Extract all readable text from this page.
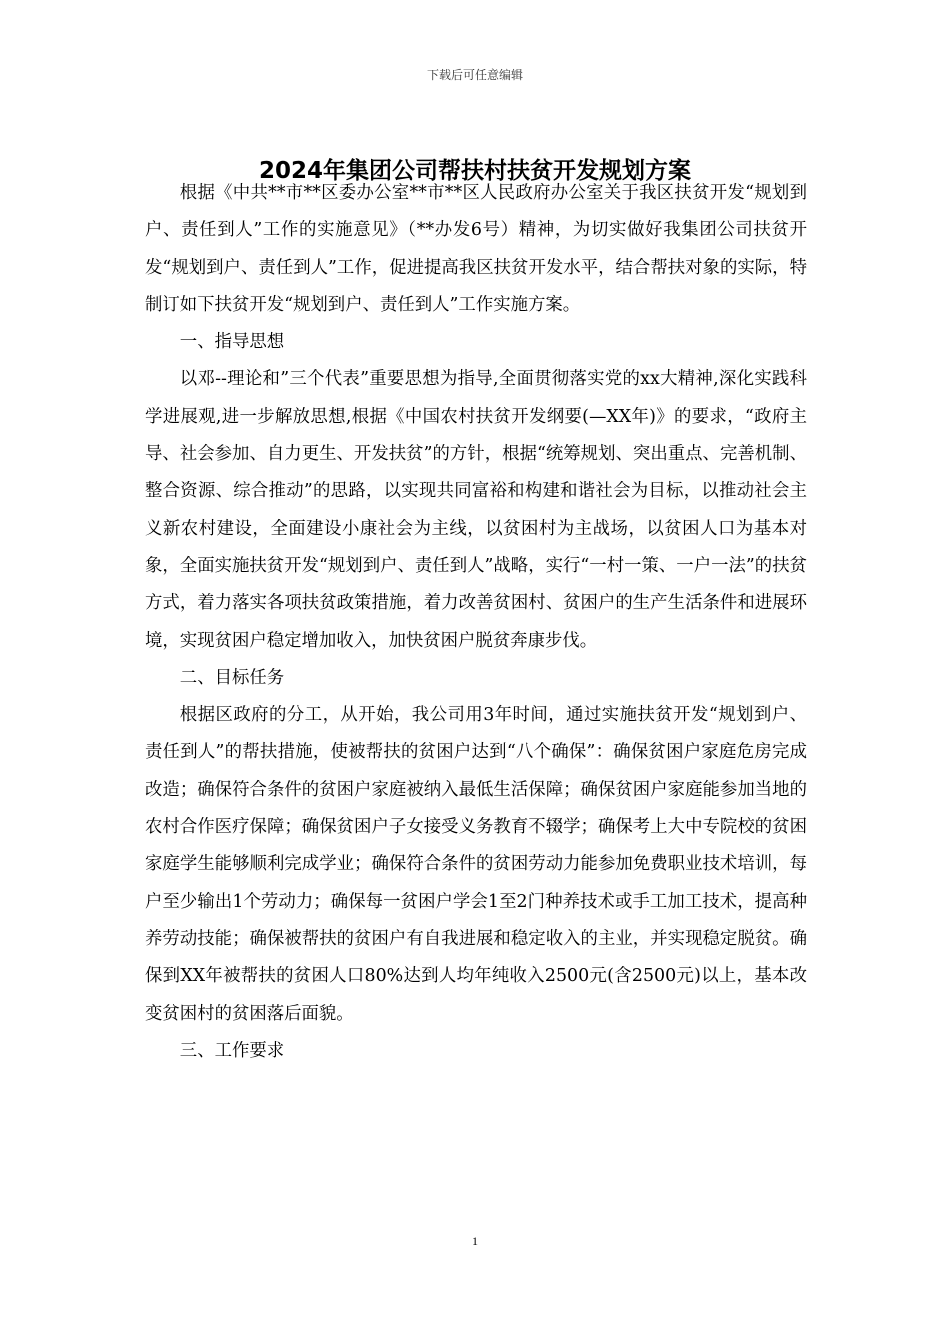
下载后可任意编辑
2024年集团公司帮扶村扶贫开发规划方案

根据《中共**市**区委办公室**市**区人民政府办公室关于我区扶贫开发“规划到户、责任到人”工作的实施意见》（**办发6号）精神，为切实做好我集团公司扶贫开发“规划到户、责任到人”工作，促进提高我区扶贫开发水平，结合帮扶对象的实际，特制订如下扶贫开发“规划到户、责任到人”工作实施方案。

一、指导思想

以邓--理论和”三个代表”重要思想为指导,全面贯彻落实党的xx大精神,深化实践科学进展观,进一步解放思想,根据《中国农村扶贫开发纲要(—XX年)》的要求，“政府主导、社会参加、自力更生、开发扶贫”的方针，根据“统筹规划、突出重点、完善机制、整合资源、综合推动”的思路，以实现共同富裕和构建和谐社会为目标，以推动社会主义新农村建设，全面建设小康社会为主线，以贫困村为主战场，以贫困人口为基本对象，全面实施扶贫开发“规划到户、责任到人”战略，实行“一村一策、一户一法”的扶贫方式，着力落实各项扶贫政策措施，着力改善贫困村、贫困户的生产生活条件和进展环境，实现贫困户稳定增加收入，加快贫困户脱贫奔康步伐。

二、目标任务

根据区政府的分工，从开始，我公司用3年时间，通过实施扶贫开发“规划到户、责任到人”的帮扶措施，使被帮扶的贫困户达到“八个确保”：确保贫困户家庭危房完成改造；确保符合条件的贫困户家庭被纳入最低生活保障；确保贫困户家庭能参加当地的农村合作医疗保障；确保贫困户子女接受义务教育不辍学；确保考上大中专院校的贫困家庭学生能够顺利完成学业；确保符合条件的贫困劳动力能参加免费职业技术培训，每户至少输出1个劳动力；确保每一贫困户学会1至2门种养技术或手工加工技术，提高种养劳动技能；确保被帮扶的贫困户有自我进展和稳定收入的主业，并实现稳定脱贫。确保到XX年被帮扶的贫困人口80%达到人均年纯收入2500元(含2500元)以上，基本改变贫困村的贫困落后面貌。

三、工作要求

1
